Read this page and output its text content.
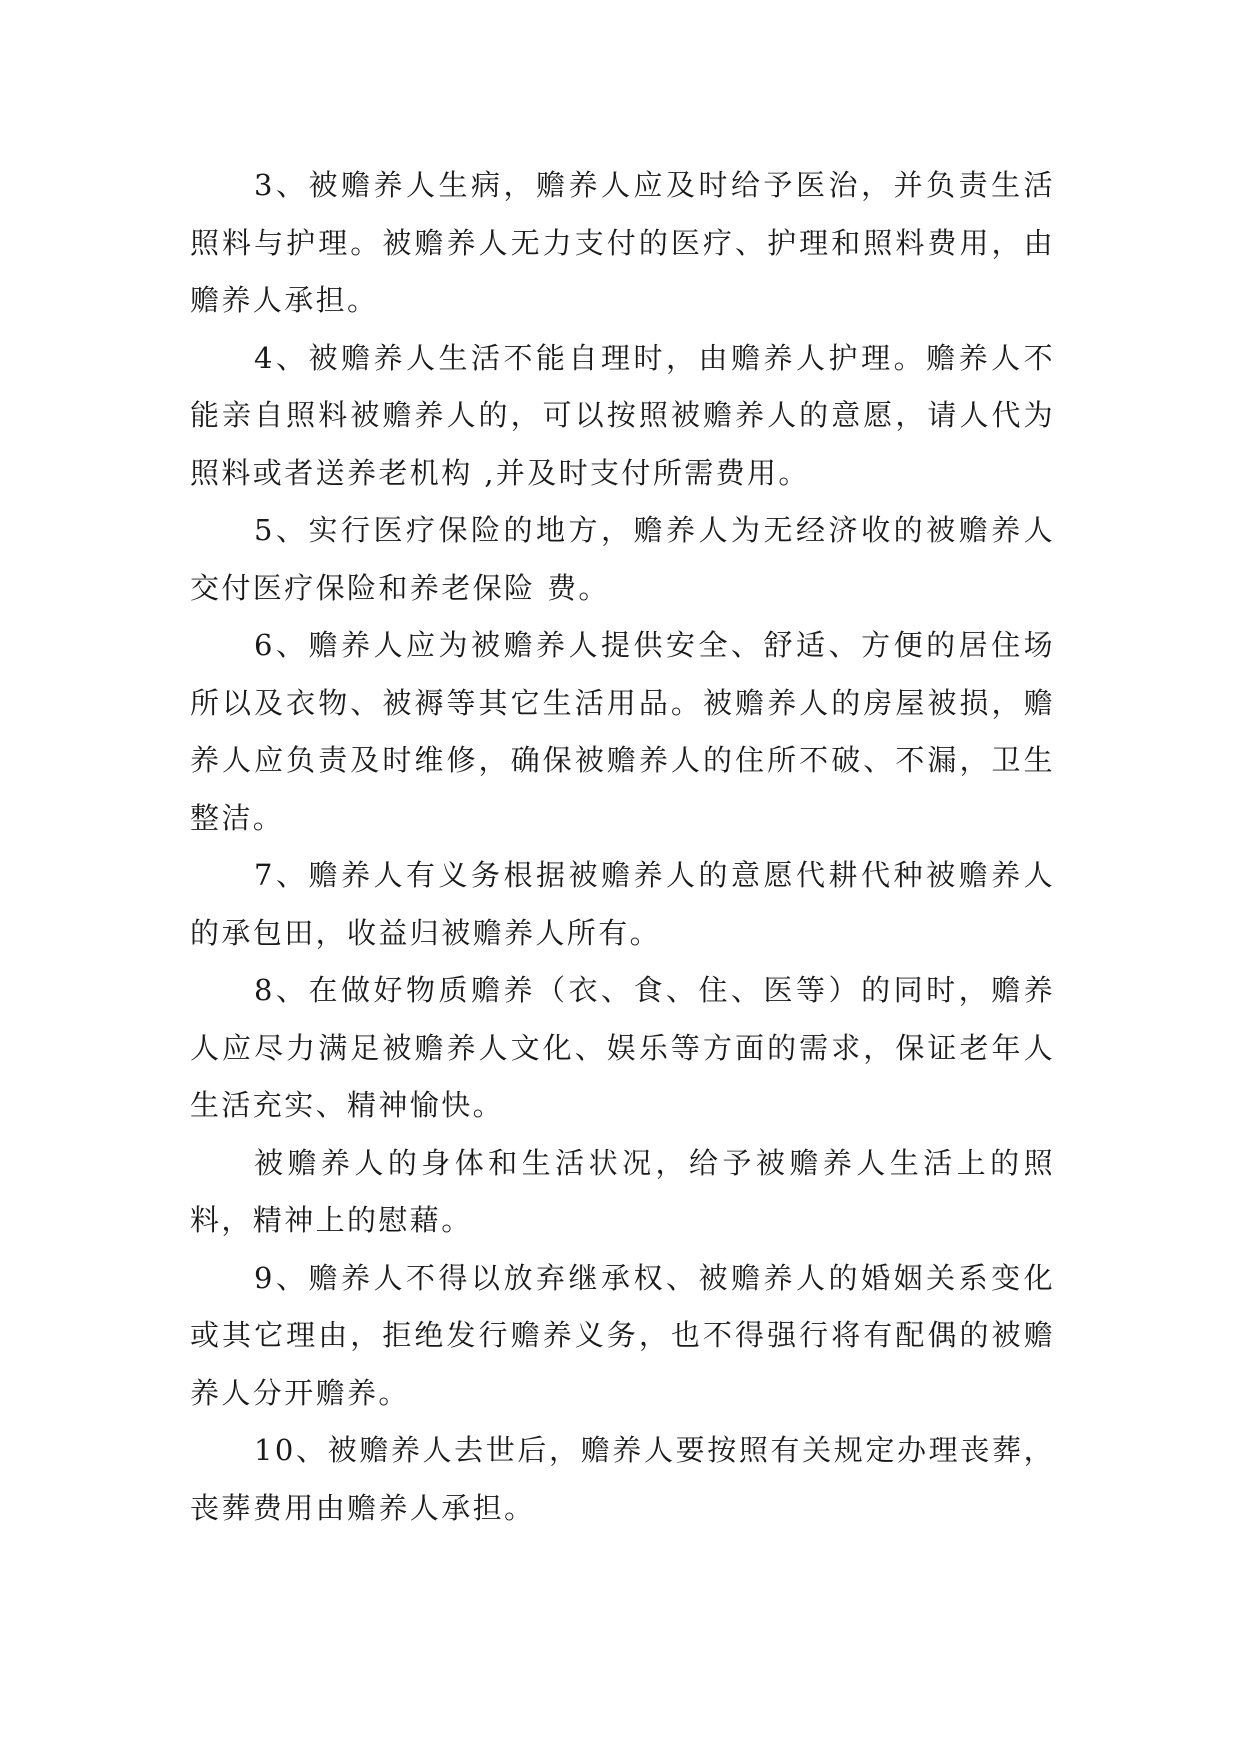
3、被赡养人生病，赡养人应及时给予医治，并负责生活照料与护理。被赡养人无力支付的医疗、护理和照料费用，由赡养人承担。

4、被赡养人生活不能自理时，由赡养人护理。赡养人不能亲自照料被赡养人的，可以按照被赡养人的意愿，请人代为照料或者送养老机构 ,并及时支付所需费用。

5、实行医疗保险的地方，赡养人为无经济收的被赡养人交付医疗保险和养老保险 费。

6、赡养人应为被赡养人提供安全、舒适、方便的居住场所以及衣物、被褥等其它生活用品。被赡养人的房屋被损，赡养人应负责及时维修，确保被赡养人的住所不破、不漏，卫生整洁。

7、赡养人有义务根据被赡养人的意愿代耕代种被赡养人的承包田，收益归被赡养人所有。

8、在做好物质赡养（衣、食、住、医等）的同时，赡养人应尽力满足被赡养人文化、娱乐等方面的需求，保证老年人生活充实、精神愉快。

被赡养人的身体和生活状况，给予被赡养人生活上的照料，精神上的慰藉。

9、赡养人不得以放弃继承权、被赡养人的婚姻关系变化或其它理由，拒绝发行赡养义务，也不得强行将有配偶的被赡养人分开赡养。

10、被赡养人去世后，赡养人要按照有关规定办理丧葬，丧葬费用由赡养人承担。
